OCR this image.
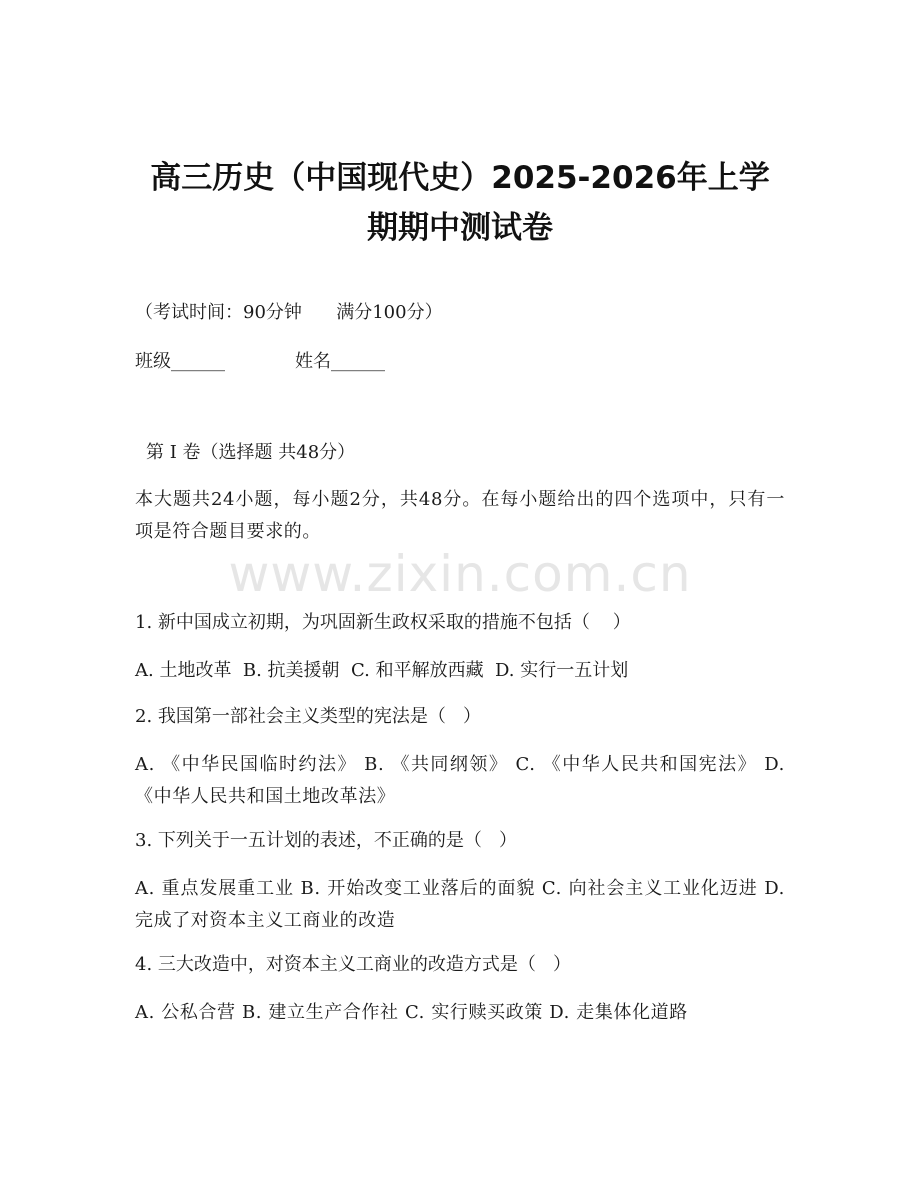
www.zixin.com.cn
高三历史（中国现代史）2025-2026年上学
期期中测试卷
（考试时间：90分钟      满分100分）
班级______	姓名______
第 I 卷（选择题 共48分）
本大题共24小题，每小题2分，共48分。在每小题给出的四个选项中，只有一项是符合题目要求的。
1. 新中国成立初期，为巩固新生政权采取的措施不包括（    ）
A. 土地改革  B. 抗美援朝  C. 和平解放西藏  D. 实行一五计划
2. 我国第一部社会主义类型的宪法是（   ）
A. 《中华民国临时约法》 B. 《共同纲领》 C. 《中华人民共和国宪法》 D. 《中华人民共和国土地改革法》
3. 下列关于一五计划的表述，不正确的是（   ）
A. 重点发展重工业 B. 开始改变工业落后的面貌 C. 向社会主义工业化迈进 D. 完成了对资本主义工商业的改造
4. 三大改造中，对资本主义工商业的改造方式是（   ）
A. 公私合营 B. 建立生产合作社 C. 实行赎买政策 D. 走集体化道路
